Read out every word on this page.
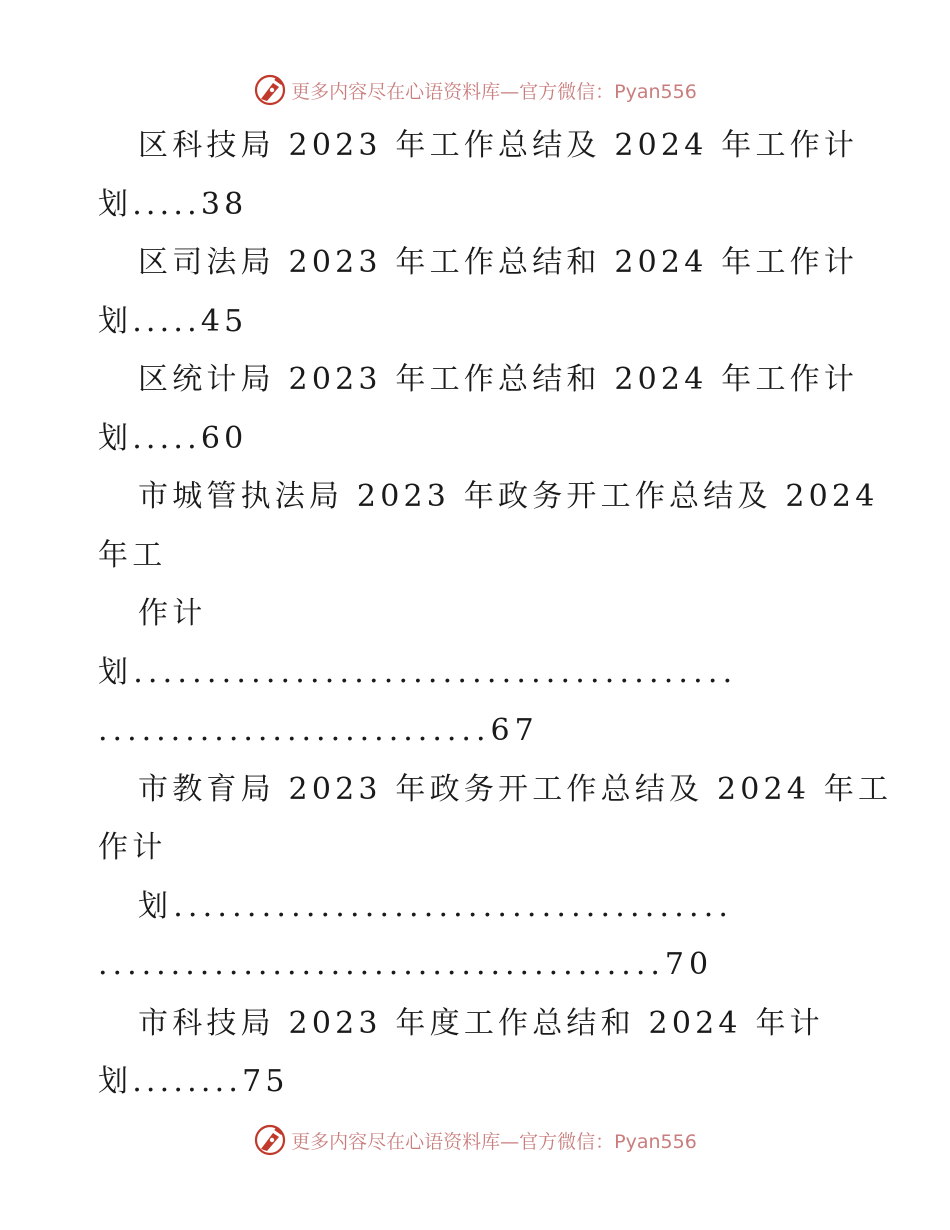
更多内容尽在心语资料库— 官方微信：Pyan556
区科技局 2023 年工作总结及 2024 年工作计
划.....38
区司法局 2023 年工作总结和 2024 年工作计
划.....45
区统计局 2023 年工作总结和 2024 年工作计
划.....60
市城管执法局 2023 年政务开工作总结及 2024
年工
作计
划.........................................
...........................67
市教育局 2023 年政务开工作总结及 2024 年工
作计
划......................................
.......................................70
市科技局 2023 年度工作总结和 2024 年计
划........75
更多内容尽在心语资料库— 官方微信：Pyan556
